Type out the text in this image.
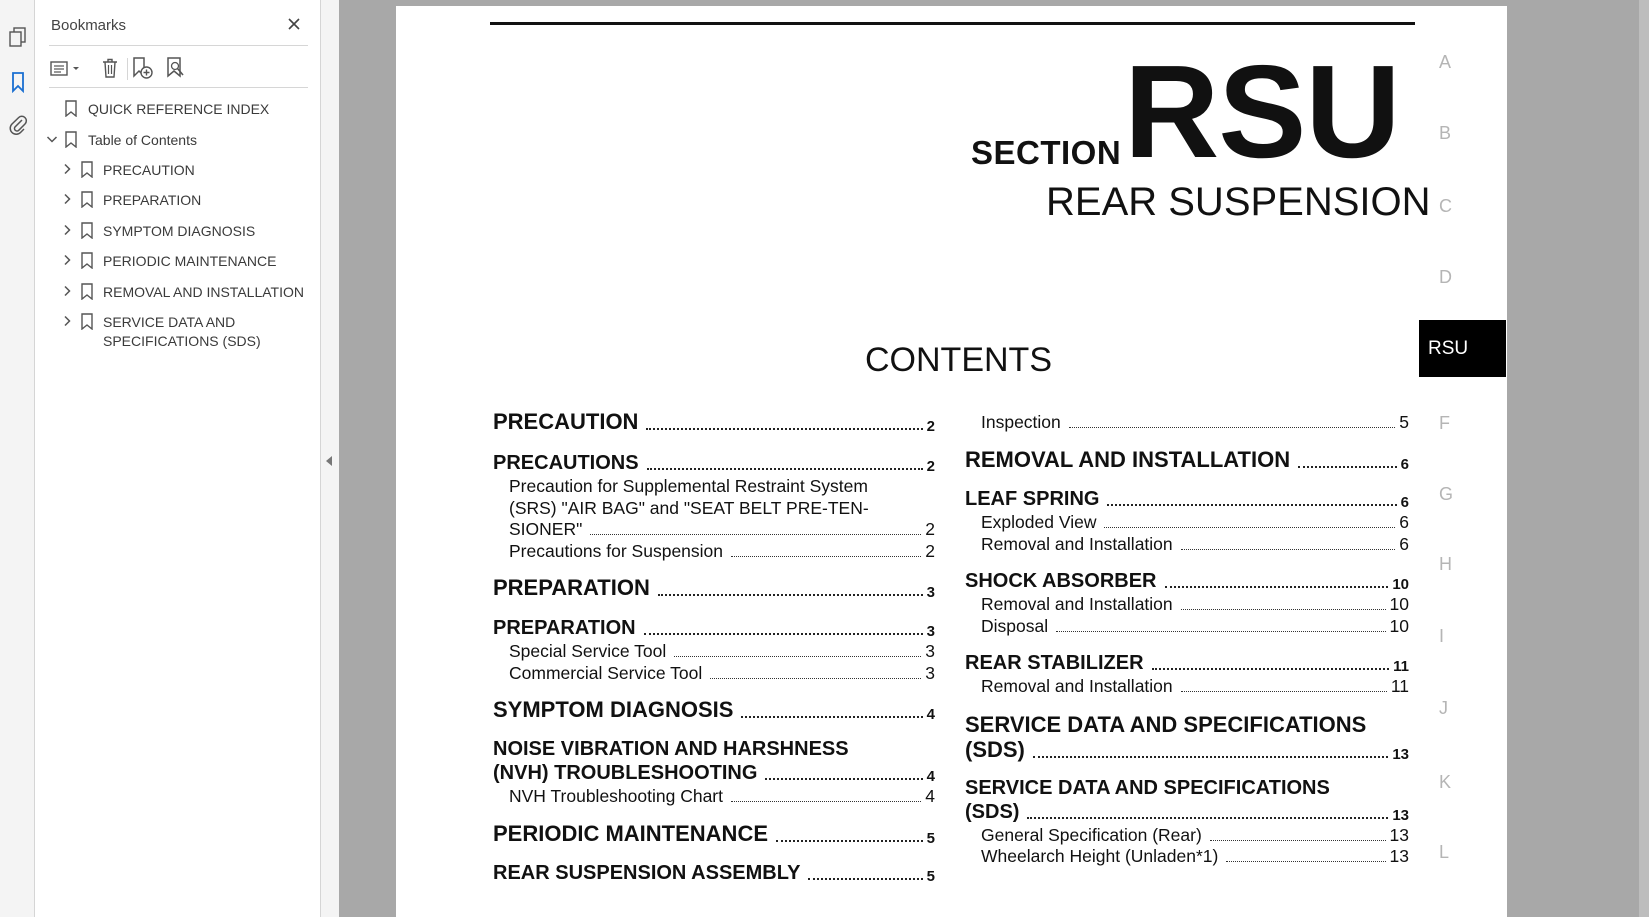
Bookmarks
QUICK REFERENCE INDEX
Table of Contents
PRECAUTION
PREPARATION
SYMPTOM DIAGNOSIS
PERIODIC MAINTENANCE
REMOVAL AND INSTALLATION
SERVICE DATA AND
SPECIFICATIONS (SDS)
SECTION RSU
REAR SUSPENSION
CONTENTS
A
B
C
D
RSU
F
G
H
I
J
K
L
PRECAUTION	2
PRECAUTIONS	2
Precaution for Supplemental Restraint System
(SRS) "AIR BAG" and "SEAT BELT PRE-TEN-
SIONER"	2
Precautions for Suspension	2
PREPARATION	3
PREPARATION	3
Special Service Tool	3
Commercial Service Tool	3
SYMPTOM DIAGNOSIS	4
NOISE VIBRATION AND HARSHNESS
(NVH) TROUBLESHOOTING	4
NVH Troubleshooting Chart	4
PERIODIC MAINTENANCE	5
REAR SUSPENSION ASSEMBLY	5
Inspection	5
REMOVAL AND INSTALLATION	6
LEAF SPRING	6
Exploded View	6
Removal and Installation	6
SHOCK ABSORBER	10
Removal and Installation	10
Disposal	10
REAR STABILIZER	11
Removal and Installation	11
SERVICE DATA AND SPECIFICATIONS
(SDS)	13
SERVICE DATA AND SPECIFICATIONS
(SDS)	13
General Specification (Rear)	13
Wheelarch Height (Unladen*1)	13
